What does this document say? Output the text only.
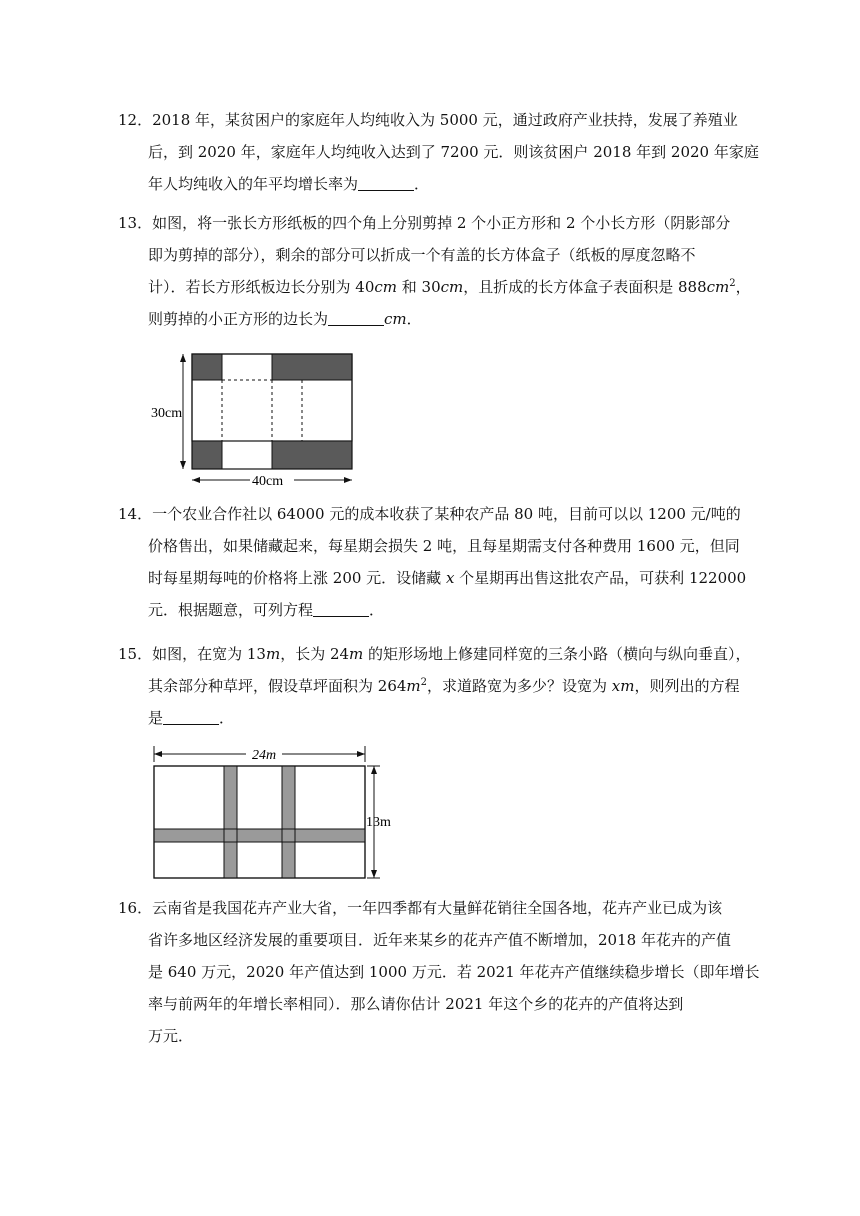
12．2018 年，某贫困户的家庭年人均纯收入为 5000 元，通过政府产业扶持，发展了养殖业
后，到 2020 年，家庭年人均纯收入达到了 7200 元．则该贫困户 2018 年到 2020 年家庭
年人均纯收入的年平均增长率为	．
13．如图，将一张长方形纸板的四个角上分别剪掉 2 个小正方形和 2 个小长方形（阴影部分
即为剪掉的部分），剩余的部分可以折成一个有盖的长方体盒子（纸板的厚度忽略不
计）．若长方形纸板边长分别为 40cm 和 30cm，且折成的长方体盒子表面积是 $888cm^2$，
则剪掉的小正方形的边长为	cm．
30cm
40cm
14．一个农业合作社以 64000 元的成本收获了某种农产品 80 吨，目前可以以 1200 元/吨的
价格售出，如果储藏起来，每星期会损失 2 吨，且每星期需支付各种费用 1600 元，但同
时每星期每吨的价格将上涨 200 元．设储藏 x 个星期再出售这批农产品，可获利 122000
元．根据题意，可列方程	．
15．如图，在宽为 13m，长为 24m 的矩形场地上修建同样宽的三条小路（横向与纵向垂直），
其余部分种草坪，假设草坪面积为 $264m^2$，求道路宽为多少？设宽为 xm，则列出的方程
是	．
24m
13m
16．云南省是我国花卉产业大省，一年四季都有大量鲜花销往全国各地，花卉产业已成为该
省许多地区经济发展的重要项目．近年来某乡的花卉产值不断增加，2018 年花卉的产值
是 640 万元，2020 年产值达到 1000 万元．若 2021 年花卉产值继续稳步增长（即年增长
率与前两年的年增长率相同）．那么请你估计 2021 年这个乡的花卉的产值将达到
万元．
